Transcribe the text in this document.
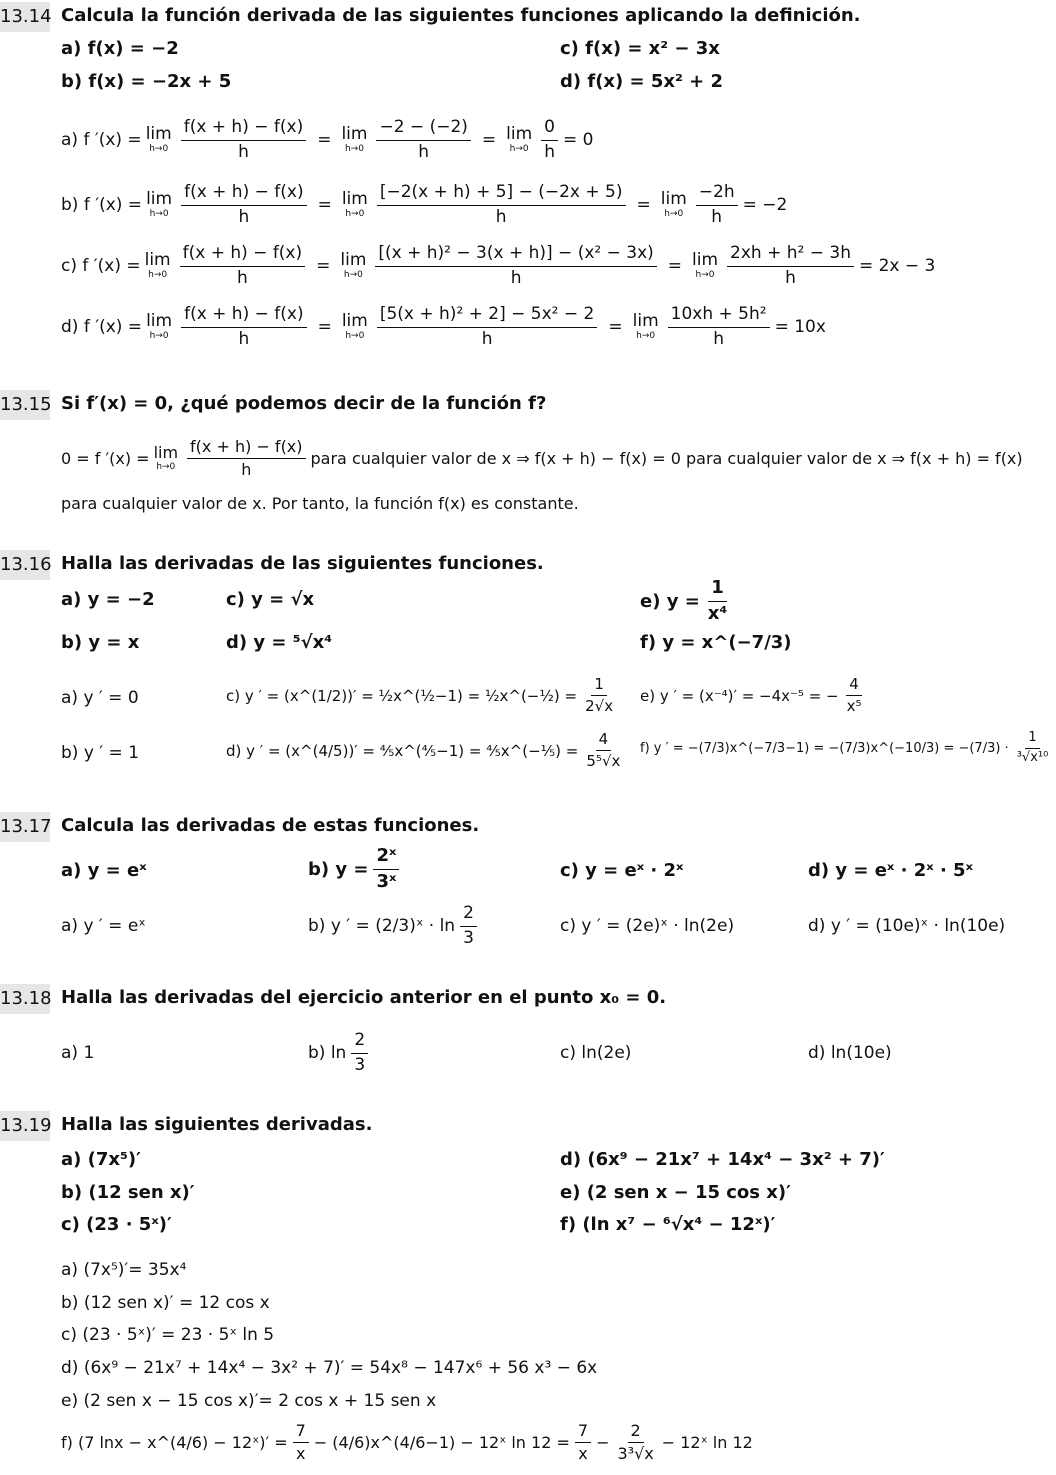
13.14 Calcula la función derivada de las siguientes funciones aplicando la definición.
a) f(x) = −2
b) f(x) = −2x + 5
c) f(x) = x² − 3x
d) f(x) = 5x² + 2
a) f ′(x) = lim
$h\to 0 \frac{f(x + h) - f(x)}{h} = \lim$
$h\to 0 \frac{-2 - (-2)}{h} = \lim$
$h\to 0 \frac{0}{h} = 0$
b) f ′(x) = lim
$h\to 0 \frac{f(x + h) - f(x)}{h} = \lim$
$h\to 0 \frac{[-2(x + h) + 5] - (-2x + 5)}{h} = \lim$
$h\to 0 \frac{-2h}{h} = -2$
c) f ′(x) = lim
$h\to 0 \frac{f(x + h) - f(x)}{h} = \lim$
$h\to 0 \frac{\text{[(x + h)² − 3(x + h)] − (x² − 3x)}}{h} = \lim$
$h\to 0 \frac{\text{2xh + h² − 3h}}{h} = 2x - 3$
d) f ′(x) = lim
$h\to 0 \frac{f(x + h) - f(x)}{h} = \lim$
$h\to 0 \frac{\text{[5(x + h)² + 2] − 5x² − 2}}{h} = \lim$
$h\to 0 \frac{\text{10xh + 5h²}}{h} = 10x$
13.15 Si f′(x) = 0, ¿qué podemos decir de la función f?
0 = f ′(x) = lim
$h\to 0 \frac{f(x + h) - f(x)}{h}$ para cualquier valor de x ⇒ f(x + h) − f(x) = 0 para cualquier valor de x ⇒ f(x + h) = f(x)
para cualquier valor de x. Por tanto, la función f(x) es constante.
13.16 Halla las derivadas de las siguientes funciones.
a) y = −2
b) y = x
c) y = √x
d) y = ⁵√x⁴
e) $y = \frac{1}{\text{x⁴}}$
f) y = x^(−7/3)
a) y ′ = 0
b) y ′ = 1
c) y ′ = (x^(1/2))′ = ½x^(½−1) = ½x^(−½) = $\frac{1}{2√x}$
d) y ′ = (x^(4/5))′ = ⅘x^(⅘−1) = ⅘x^(−⅕) = $\frac{4}{\text{5⁵√x}}$
e) y ′ = (x⁻⁴)′ = −4x⁻⁵ = − $\frac{4}{\text{x⁵}}$
f) y ′ = −(7/3)x^(−7/3−1) = −(7/3)x^(−10/3) = $-(7/3) \cdot \frac{1}{\text{³√x¹⁰}}$
13.17 Calcula las derivadas de estas funciones.
a) y = eˣ	b) $y = \frac{\text{2ˣ}}{\text{3ˣ}}$	c) y = eˣ · 2ˣ	d) y = eˣ · 2ˣ · 5ˣ
a) y ′ = eˣ	b) y ′ = (2/3)ˣ · $\ln \frac{2}{3}$	c) y ′ = (2e)ˣ · ln(2e)	d) y ′ = (10e)ˣ · ln(10e)
13.18 Halla las derivadas del ejercicio anterior en el punto x₀ = 0.
a) 1	b) $\ln \frac{2}{3}$	c) ln(2e)	d) ln(10e)
13.19 Halla las siguientes derivadas.
a) (7x⁵)′
b) (12 sen x)′
c) (23 · 5ˣ)′
d) (6x⁹ − 21x⁷ + 14x⁴ − 3x² + 7)′
e) (2 sen x − 15 cos x)′
f) (ln x⁷ − ⁶√x⁴ − 12ˣ)′
a) (7x⁵)′= 35x⁴
b) (12 sen x)′ = 12 cos x
c) (23 · 5ˣ)′ = 23 · 5ˣ ln 5
d) (6x⁹ − 21x⁷ + 14x⁴ − 3x² + 7)′ = 54x⁸ − 147x⁶ + 56 x³ − 6x
e) (2 sen x − 15 cos x)′= 2 cos x + 15 sen x
f) (7 lnx − x^(4/6) − 12ˣ)′ = $\frac{7}{x}$ − (4/6)x^(4/6−1) − 12ˣ $\ln 12 = \frac{7}{x} - \frac{2}{\text{3³√x}}$ − 12ˣ ln 12
